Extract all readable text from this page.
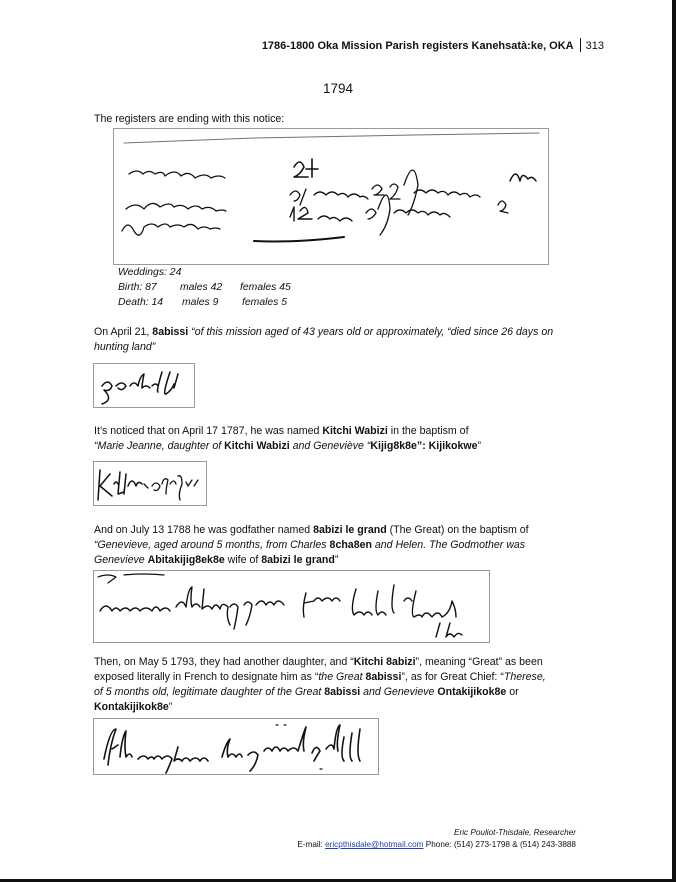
1786-1800 Oka Mission Parish registers Kanehsatà:ke, OKA 313
1794
The registers are ending with this notice:
Weddings: 24
Birth: 87 males 42 females 45
Death: 14 males 9 females 5
On April 21, 8abissi “of this mission aged of 43 years old or approximately, “died since 26 days on hunting land”
It’s noticed that on April 17 1787, he was named Kitchi Wabizi in the baptism of
“Marie Jeanne, daughter of Kitchi Wabizi and Geneviève “Kijig8k8e”: Kijikokwe”
And on July 13 1788 he was godfather named 8abizi le grand (The Great) on the baptism of
“Genevieve, aged around 5 months, from Charles 8cha8en and Helen. The Godmother was
Genevieve Abitakijig8ek8e wife of 8abizi le grand”
Then, on May 5 1793, they had another daughter, and “Kitchi 8abizi”, meaning “Great” as been
exposed literally in French to designate him as “the Great 8abissi”, as for Great Chief: “Therese,
of 5 months old, legitimate daughter of the Great 8abissi and Genevieve Ontakijikok8e or
Kontakijikok8e”
Eric Pouliot-Thisdale, Researcher
E-mail: ericpthisdale@hotmail.com Phone: (514) 273-1798 & (514) 243-3888
